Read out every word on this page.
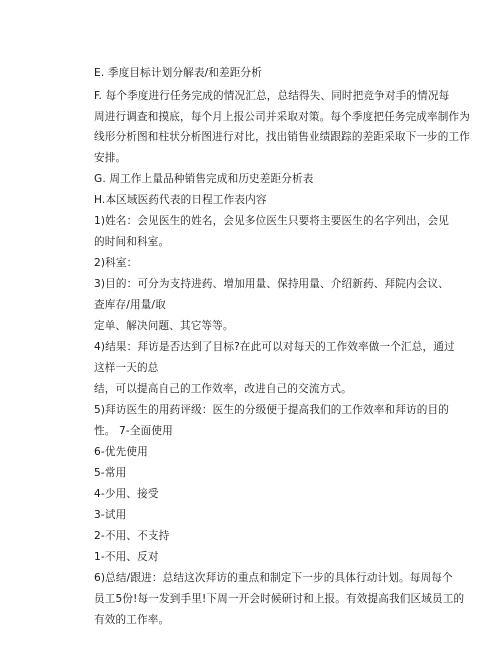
E. 季度目标计划分解表/和差距分析
F. 每个季度进行任务完成的情况汇总，总结得失、同时把竞争对手的情况每
周进行调查和摸底，每个月上报公司并采取对策。每个季度把任务完成率制作为
线形分析图和柱状分析图进行对比，找出销售业绩跟踪的差距采取下一步的工作
安排。
G. 周工作上量品种销售完成和历史差距分析表
H.本区域医药代表的日程工作表内容
1)姓名：会见医生的姓名，会见多位医生只要将主要医生的名字列出，会见
的时间和科室。
2)科室：
3)目的：可分为支持进药、增加用量、保持用量、介绍新药、拜院内会议、
查库存/用量/取
定单、解决问题、其它等等。
4)结果：拜访是否达到了目标?在此可以对每天的工作效率做一个汇总，通过
这样一天的总
结，可以提高自己的工作效率，改进自己的交流方式。
5)拜访医生的用药评级：医生的分级便于提高我们的工作效率和拜访的目的
性。 7-全面使用
6-优先使用
5-常用
4-少用、接受
3-试用
2-不用、不支持
1-不用、反对
6)总结/跟进：总结这次拜访的重点和制定下一步的具体行动计划。每周每个
员工5份!每一发到手里!下周一开会时候研讨和上报。有效提高我们区域员工的
有效的工作率。
